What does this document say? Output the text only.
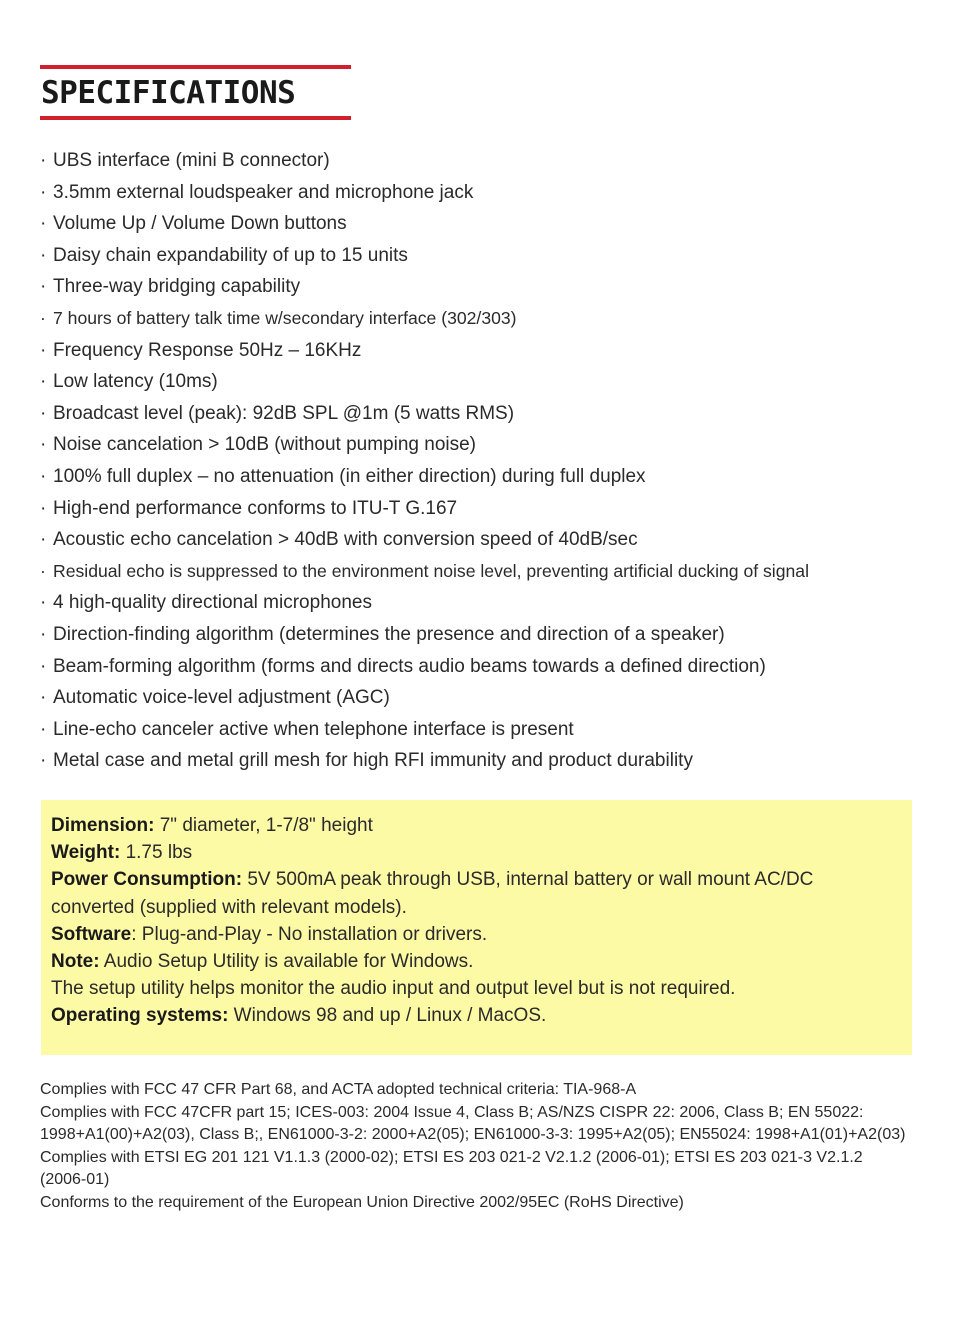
SPECIFICATIONS
· UBS interface (mini B connector)
· 3.5mm external loudspeaker and microphone jack
· Volume Up / Volume Down buttons
· Daisy chain expandability of up to 15 units
· Three-way bridging capability
· 7 hours of battery talk time w/secondary interface (302/303)
· Frequency Response 50Hz – 16KHz
· Low latency (10ms)
· Broadcast level (peak): 92dB SPL @1m (5 watts RMS)
· Noise cancelation > 10dB (without pumping noise)
· 100% full duplex – no attenuation (in either direction) during full duplex
· High-end performance conforms to ITU-T G.167
· Acoustic echo cancelation > 40dB with conversion speed of 40dB/sec
· Residual echo is suppressed to the environment noise level, preventing artificial ducking of signal
· 4 high-quality directional microphones
· Direction-finding algorithm (determines the presence and direction of a speaker)
· Beam-forming algorithm (forms and directs audio beams towards a defined direction)
· Automatic voice-level adjustment (AGC)
· Line-echo canceler active when telephone interface is present
· Metal case and metal grill mesh for high RFI immunity and product durability

Dimension: 7" diameter, 1-7/8" height

Weight: 1.75 lbs

Power Consumption: 5V 500mA peak through USB, internal battery or wall mount AC/DC converted (supplied with relevant models).

Software: Plug-and-Play - No installation or drivers.

Note: Audio Setup Utility is available for Windows.

The setup utility helps monitor the audio input and output level but is not required.

Operating systems: Windows 98 and up / Linux / MacOS.

Complies with FCC 47 CFR Part 68, and ACTA adopted technical criteria: TIA-968-A

Complies with FCC 47CFR part 15; ICES-003: 2004 Issue 4, Class B; AS/NZS CISPR 22: 2006, Class B; EN 55022: 1998+A1(00)+A2(03), Class B;, EN61000-3-2: 2000+A2(05); EN61000-3-3: 1995+A2(05); EN55024: 1998+A1(01)+A2(03)

Complies with ETSI EG 201 121 V1.1.3 (2000-02); ETSI ES 203 021-2 V2.1.2 (2006-01); ETSI ES 203 021-3 V2.1.2 (2006-01)

Conforms to the requirement of the European Union Directive 2002/95EC (RoHS Directive)
